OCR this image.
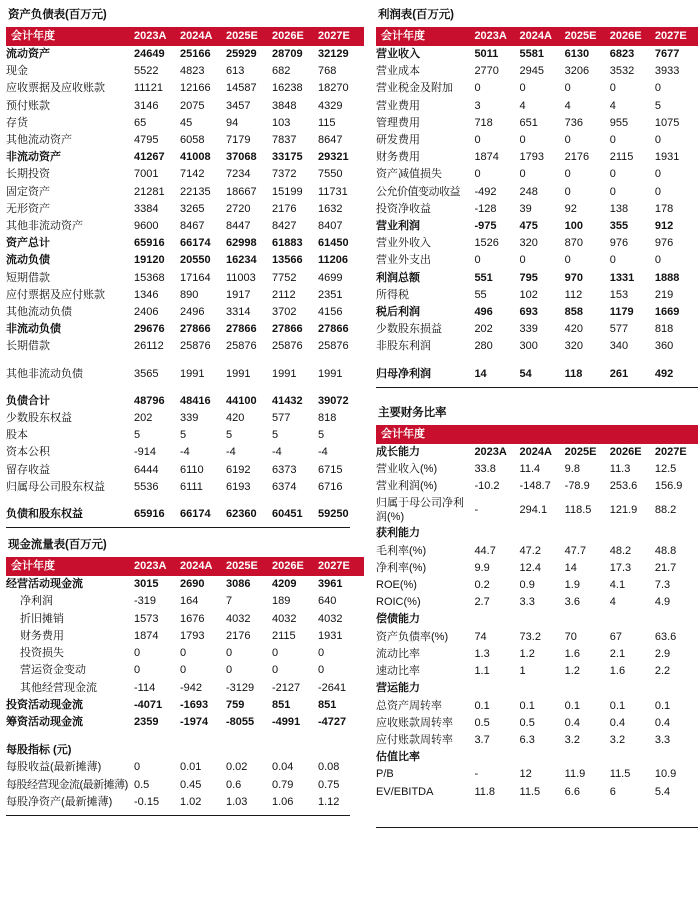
资产负债表(百万元)
会计年度	2023A	2024A	2025E	2026E	2027E
流动资产	24649	25166	25929	28709	32129
现金	5522	4823	613	682	768
应收票据及应收账款	11121	12166	14587	16238	18270
预付账款	3146	2075	3457	3848	4329
存货	65	45	94	103	115
其他流动资产	4795	6058	7179	7837	8647
非流动资产	41267	41008	37068	33175	29321
长期投资	7001	7142	7234	7372	7550
固定资产	21281	22135	18667	15199	11731
无形资产	3384	3265	2720	2176	1632
其他非流动资产	9600	8467	8447	8427	8407
资产总计	65916	66174	62998	61883	61450
流动负债	19120	20550	16234	13566	11206
短期借款	15368	17164	11003	7752	4699
应付票据及应付账款	1346	890	1917	2112	2351
其他流动负债	2406	2496	3314	3702	4156
非流动负债	29676	27866	27866	27866	27866
长期借款	26112	25876	25876	25876	25876

其他非流动负债	3565	1991	1991	1991	1991

负债合计	48796	48416	44100	41432	39072
少数股东权益	202	339	420	577	818
股本	5	5	5	5	5
资本公积	-914	-4	-4	-4	-4
留存收益	6444	6110	6192	6373	6715
归属母公司股东权益	5536	6111	6193	6374	6716

负债和股东权益	65916	66174	62360	60451	59250
现金流量表(百万元)
会计年度	2023A	2024A	2025E	2026E	2027E
经营活动现金流	3015	2690	3086	4209	3961
净利润	-319	164	7	189	640
折旧摊销	1573	1676	4032	4032	4032
财务费用	1874	1793	2176	2115	1931
投资损失	0	0	0	0	0
营运资金变动	0	0	0	0	0
其他经营现金流	-114	-942	-3129	-2127	-2641
投资活动现金流	-4071	-1693	759	851	851
筹资活动现金流	2359	-1974	-8055	-4991	-4727
每股指标 (元)					
每股收益(最新摊薄)	0	0.01	0.02	0.04	0.08
每股经营现金流(最新摊薄)	0.5	0.45	0.6	0.79	0.75
每股净资产(最新摊薄)	-0.15	1.02	1.03	1.06	1.12
利润表(百万元)
会计年度	2023A	2024A	2025E	2026E	2027E
营业收入	5011	5581	6130	6823	7677
营业成本	2770	2945	3206	3532	3933
营业税金及附加	0	0	0	0	0
营业费用	3	4	4	4	5
管理费用	718	651	736	955	1075
研发费用	0	0	0	0	0
财务费用	1874	1793	2176	2115	1931
资产减值损失	0	0	0	0	0
公允价值变动收益	-492	248	0	0	0
投资净收益	-128	39	92	138	178
营业利润	-975	475	100	355	912
营业外收入	1526	320	870	976	976
营业外支出	0	0	0	0	0
利润总额	551	795	970	1331	1888
所得税	55	102	112	153	219
税后利润	496	693	858	1179	1669
少数股东损益	202	339	420	577	818
非股东利润	280	300	320	340	360

归母净利润	14	54	118	261	492
主要财务比率
会计年度					
成长能力	2023A	2024A	2025E	2026E	2027E
营业收入(%)	33.8	11.4	9.8	11.3	12.5
营业利润(%)	-10.2	-148.7	-78.9	253.6	156.9
归属于母公司净利润(%)	-	294.1	118.5	121.9	88.2
获利能力					
毛利率(%)	44.7	47.2	47.7	48.2	48.8
净利率(%)	9.9	12.4	14	17.3	21.7
ROE(%)	0.2	0.9	1.9	4.1	7.3
ROIC(%)	2.7	3.3	3.6	4	4.9
偿债能力					
资产负债率(%)	74	73.2	70	67	63.6
流动比率	1.3	1.2	1.6	2.1	2.9
速动比率	1.1	1	1.2	1.6	2.2
营运能力					
总资产周转率	0.1	0.1	0.1	0.1	0.1
应收账款周转率	0.5	0.5	0.4	0.4	0.4
应付账款周转率	3.7	6.3	3.2	3.2	3.3
估值比率					
P/B	-	12	11.9	11.5	10.9
EV/EBITDA	11.8	11.5	6.6	6	5.4
